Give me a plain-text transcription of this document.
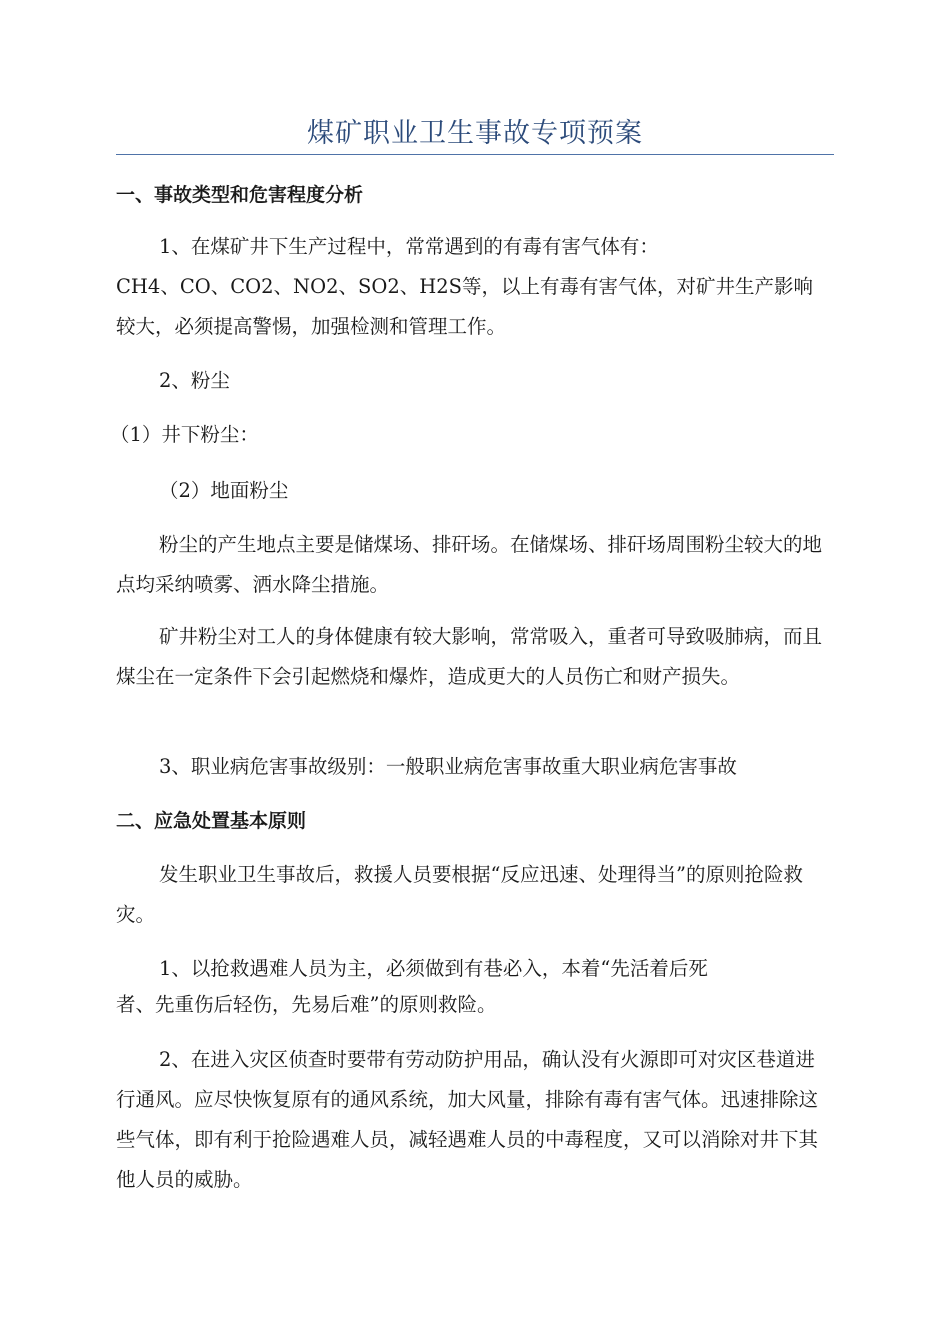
煤矿职业卫生事故专项预案
一、事故类型和危害程度分析
1、在煤矿井下生产过程中，常常遇到的有毒有害气体有：
CH4、CO、CO2、NO2、SO2、H2S等，以上有毒有害气体，对矿井生产影响
较大，必须提高警惕，加强检测和管理工作。
2、粉尘
（1）井下粉尘：
（2）地面粉尘
粉尘的产生地点主要是储煤场、排矸场。在储煤场、排矸场周围粉尘较大的地点均采纳喷雾、洒水降尘措施。
矿井粉尘对工人的身体健康有较大影响，常常吸入，重者可导致吸肺病，而且煤尘在一定条件下会引起燃烧和爆炸，造成更大的人员伤亡和财产损失。
3、职业病危害事故级别：一般职业病危害事故重大职业病危害事故
二、应急处置基本原则
发生职业卫生事故后，救援人员要根据“反应迅速、处理得当”的原则抢险救灾。
1、以抢救遇难人员为主，必须做到有巷必入，本着“先活着后死
者、先重伤后轻伤，先易后难”的原则救险。
2、在进入灾区侦查时要带有劳动防护用品，确认没有火源即可对灾区巷道进行通风。应尽快恢复原有的通风系统，加大风量，排除有毒有害气体。迅速排除这些气体，即有利于抢险遇难人员，减轻遇难人员的中毒程度，又可以消除对井下其他人员的威胁。
